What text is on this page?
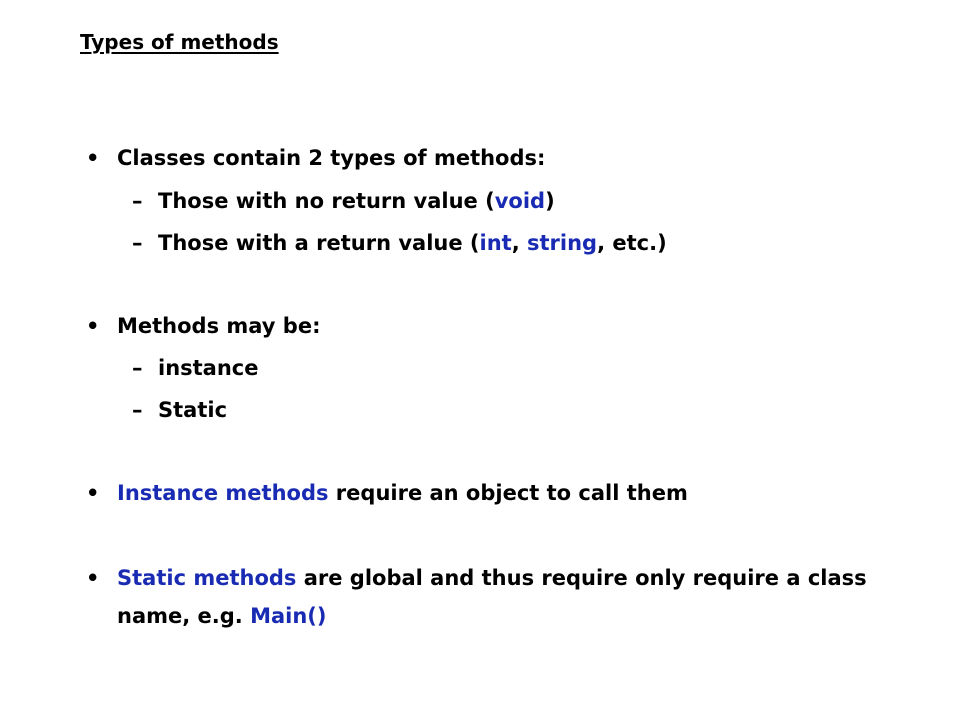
Types of methods
• Classes contain 2 types of methods:
– Those with no return value (void)
– Those with a return value (int, string, etc.)
• Methods may be:
– instance
– Static
• Instance methods require an object to call them
• Static methods are global and thus require only require a class
name, e.g. Main()
